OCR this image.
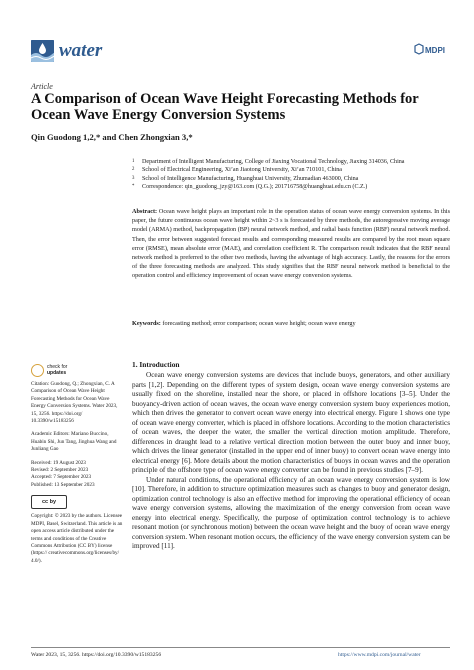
water	MDPI
Article
A Comparison of Ocean Wave Height Forecasting Methods for Ocean Wave Energy Conversion Systems
Qin Guodong 1,2,* and Chen Zhongxian 3,*
1	Department of Intelligent Manufacturing, College of Jiaxing Vocational Technology, Jiaxing 314036, China
2	School of Electrical Engineering, Xi’an Jiaotong University, Xi’an 710101, China
3	School of Intelligence Manufacturing, Huanghuai University, Zhumadian 463000, China
*	Correspondence: qin_guodong_jzy@163.com (Q.G.); 201716758@huanghuai.edu.cn (C.Z.)
Abstract: Ocean wave height plays an important role in the operation status of ocean wave energy conversion systems. In this paper, the future continuous ocean wave height within 2~3 s is forecasted by three methods, the autoregressive moving average model (ARMA) method, backpropagation (BP) neural network method, and radial basis function (RBF) neural network method. Then, the error between suggested forecast results and corresponding measured results are compared by the root mean square error (RMSE), mean absolute error (MAE), and correlation coefficient R. The comparison result indicates that the RBF neural network method is preferred to the other two methods, having the advantage of high accuracy. Lastly, the reasons for the errors of the three forecasting methods are analyzed. This study signifies that the RBF neural network method is beneficial to the operation control and efficiency improvement of ocean wave energy conversion systems.
Keywords: forecasting method; error comparison; ocean wave height; ocean wave energy
check for
updates
Citation: Guodong, Q.; Zhongxian, C. A Comparison of Ocean Wave Height Forecasting Methods for Ocean Wave Energy Conversion Systems. Water 2023, 15, 3256. https://doi.org/ 10.3390/w15183256
Academic Editors: Mariano Buccino, Huabin Shi, Jun Tang, Jinghua Wang and Junliang Gao
Received: 19 August 2023
Revised: 2 September 2023
Accepted: 7 September 2023
Published: 13 September 2023
cc by
Copyright: © 2023 by the authors. Licensee MDPI, Basel, Switzerland. This article is an open access article distributed under the terms and conditions of the Creative Commons Attribution (CC BY) license (https:// creativecommons.org/licenses/by/ 4.0/).
1. Introduction

Ocean wave energy conversion systems are devices that include buoys, generators, and other auxiliary parts [1,2]. Depending on the different types of system design, ocean wave energy conversion systems are usually fixed on the shoreline, installed near the shore, or placed in offshore locations [3–5]. Under the buoyancy-driven action of ocean waves, the ocean wave energy conversion system buoy experiences motion, which then drives the generator to convert ocean wave energy into electrical energy. Figure 1 shows one type of ocean wave energy converter, which is placed in offshore locations. According to the motion characteristics of ocean waves, the deeper the water, the smaller the vertical direction motion amplitude. Therefore, differences in draught lead to a relative vertical direction motion between the outer buoy and inner buoy, which drives the linear generator (installed in the upper end of inner buoy) to convert ocean wave energy into electrical energy [6]. More details about the motion characteristics of buoys in ocean waves and the operation principle of the offshore type of ocean wave energy converter can be found in previous studies [7–9].

Under natural conditions, the operational efficiency of an ocean wave energy conversion system is low [10]. Therefore, in addition to structure optimization measures such as changes to buoy and generator design, optimization control technology is also an effective method for improving the operational efficiency of ocean wave energy conversion systems, allowing the maximization of the energy conversion from ocean wave energy into electrical energy. Specifically, the purpose of optimization control technology is to achieve resonant motion (or synchronous motion) between the ocean wave height and the buoy of ocean wave energy conversion system. When resonant motion occurs, the efficiency of the wave energy conversion system can be improved [11].

Water 2023, 15, 3256. https://doi.org/10.3390/w15183256	https://www.mdpi.com/journal/water
